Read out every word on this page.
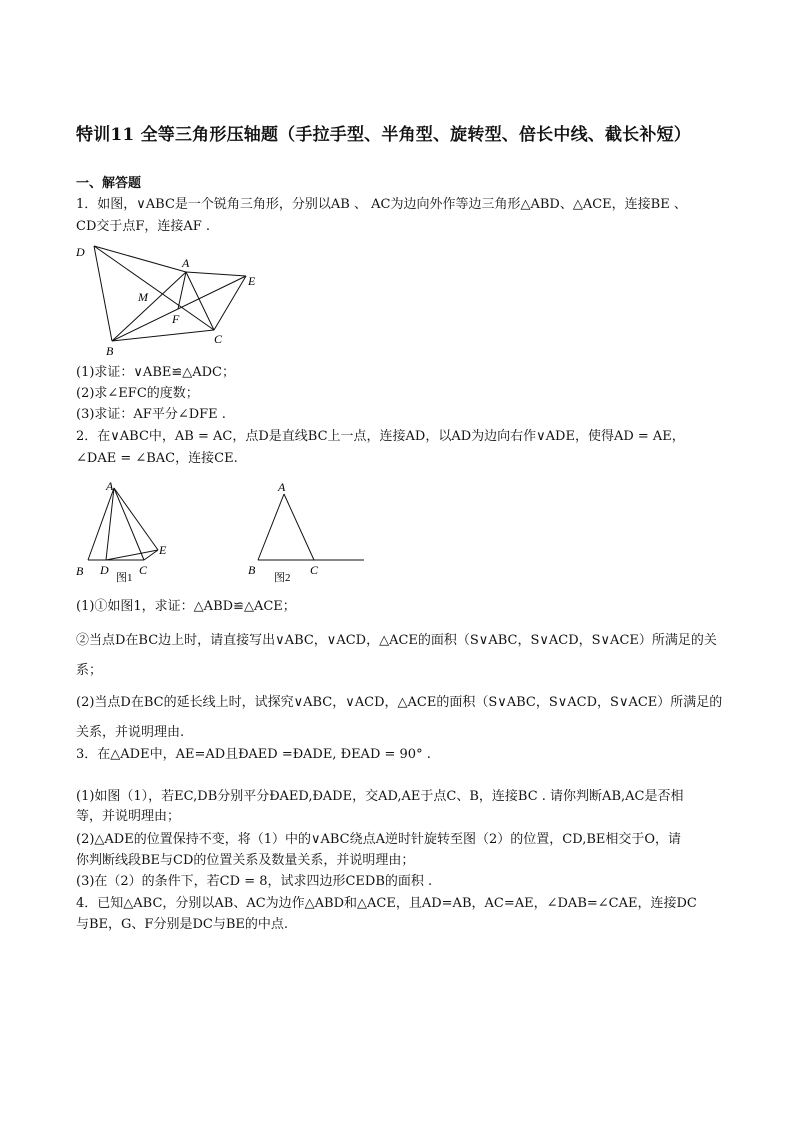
特训11 全等三角形压轴题（手拉手型、半角型、旋转型、倍长中线、截长补短）
一、解答题
1．如图，∨ABC是一个锐角三角形，分别以AB 、 AC为边向外作等边三角形△ABD、△ACE，连接BE 、
CD交于点F，连接AF .
D
A
E
M
F
B
C
(1)求证：∨ABE≌△ADC；
(2)求∠EFC的度数；
(3)求证：AF平分∠DFE .
2．在∨ABC中，AB = AC，点D是直线BC上一点，连接AD，以AD为边向右作∨ADE，使得AD = AE，
∠DAE = ∠BAC，连接CE.
A
B D	C
E
图1
A
B	C
图2
(1)①如图1，求证：△ABD≌△ACE；
②当点D在BC边上时，请直接写出∨ABC，∨ACD，△ACE的面积（S∨ABC，S∨ACD，S∨ACE）所满足的关
系；
(2)当点D在BC的延长线上时，试探究∨ABC，∨ACD，△ACE的面积（S∨ABC，S∨ACD，S∨ACE）所满足的
关系，并说明理由.
3．在△ADE中，AE=AD且ÐAED =ÐADE, ÐEAD = 90° .
(1)如图（1），若EC,DB分别平分ÐAED,ÐADE，交AD,AE于点C、B，连接BC . 请你判断AB,AC是否相
等，并说明理由；
(2)△ADE的位置保持不变，将（1）中的∨ABC绕点A逆时针旋转至图（2）的位置，CD,BE相交于O，请
你判断线段BE与CD的位置关系及数量关系，并说明理由；
(3)在（2）的条件下，若CD = 8，试求四边形CEDB的面积 .
4．已知△ABC，分别以AB、AC为边作△ABD和△ACE，且AD=AB，AC=AE，∠DAB=∠CAE，连接DC
与BE，G、F分别是DC与BE的中点.
